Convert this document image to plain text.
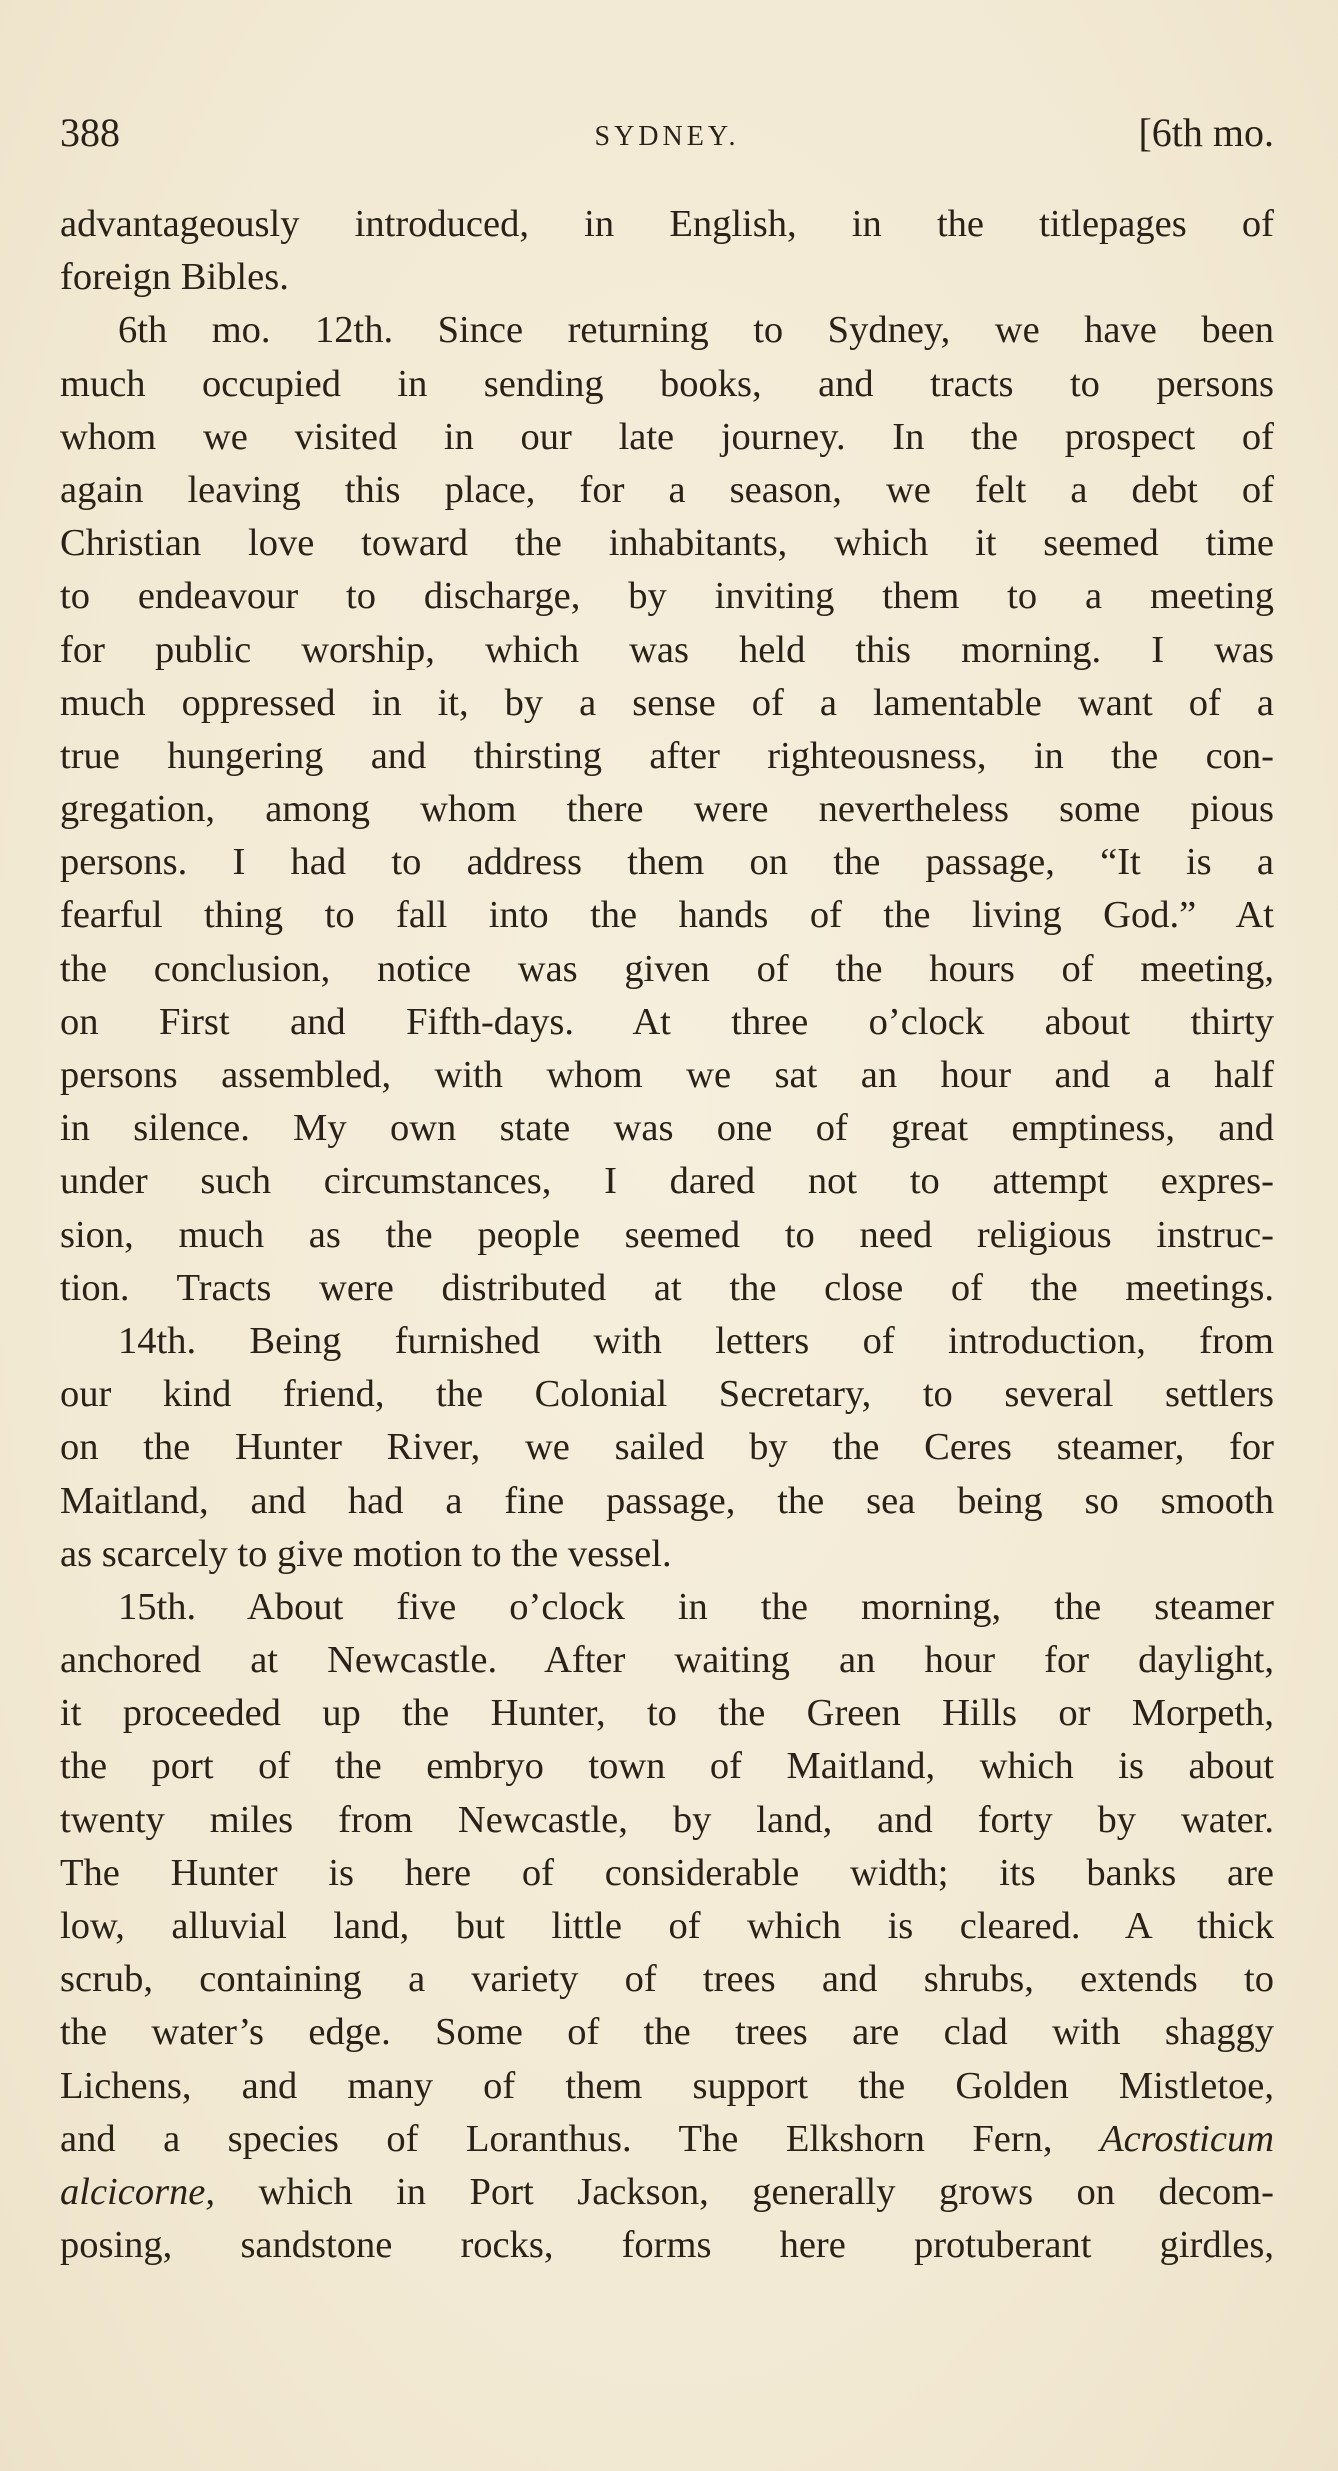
388	SYDNEY.	[6th mo.
advantageously introduced, in English, in the titlepages of
foreign Bibles.
6th mo. 12th. Since returning to Sydney, we have been
much occupied in sending books, and tracts to persons
whom we visited in our late journey. In the prospect of
again leaving this place, for a season, we felt a debt of
Christian love toward the inhabitants, which it seemed time
to endeavour to discharge, by inviting them to a meeting
for public worship, which was held this morning. I was
much oppressed in it, by a sense of a lamentable want of a
true hungering and thirsting after righteousness, in the con-
gregation, among whom there were nevertheless some pious
persons. I had to address them on the passage, “It is a
fearful thing to fall into the hands of the living God.” At
the conclusion, notice was given of the hours of meeting,
on First and Fifth-days. At three o’clock about thirty
persons assembled, with whom we sat an hour and a half
in silence. My own state was one of great emptiness, and
under such circumstances, I dared not to attempt expres-
sion, much as the people seemed to need religious instruc-
tion. Tracts were distributed at the close of the meetings.
14th. Being furnished with letters of introduction, from
our kind friend, the Colonial Secretary, to several settlers
on the Hunter River, we sailed by the Ceres steamer, for
Maitland, and had a fine passage, the sea being so smooth
as scarcely to give motion to the vessel.
15th. About five o’clock in the morning, the steamer
anchored at Newcastle. After waiting an hour for daylight,
it proceeded up the Hunter, to the Green Hills or Morpeth,
the port of the embryo town of Maitland, which is about
twenty miles from Newcastle, by land, and forty by water.
The Hunter is here of considerable width; its banks are
low, alluvial land, but little of which is cleared. A thick
scrub, containing a variety of trees and shrubs, extends to
the water’s edge. Some of the trees are clad with shaggy
Lichens, and many of them support the Golden Mistletoe,
and a species of Loranthus. The Elkshorn Fern, Acrosticum
alcicorne, which in Port Jackson, generally grows on decom-
posing, sandstone rocks, forms here protuberant girdles,
